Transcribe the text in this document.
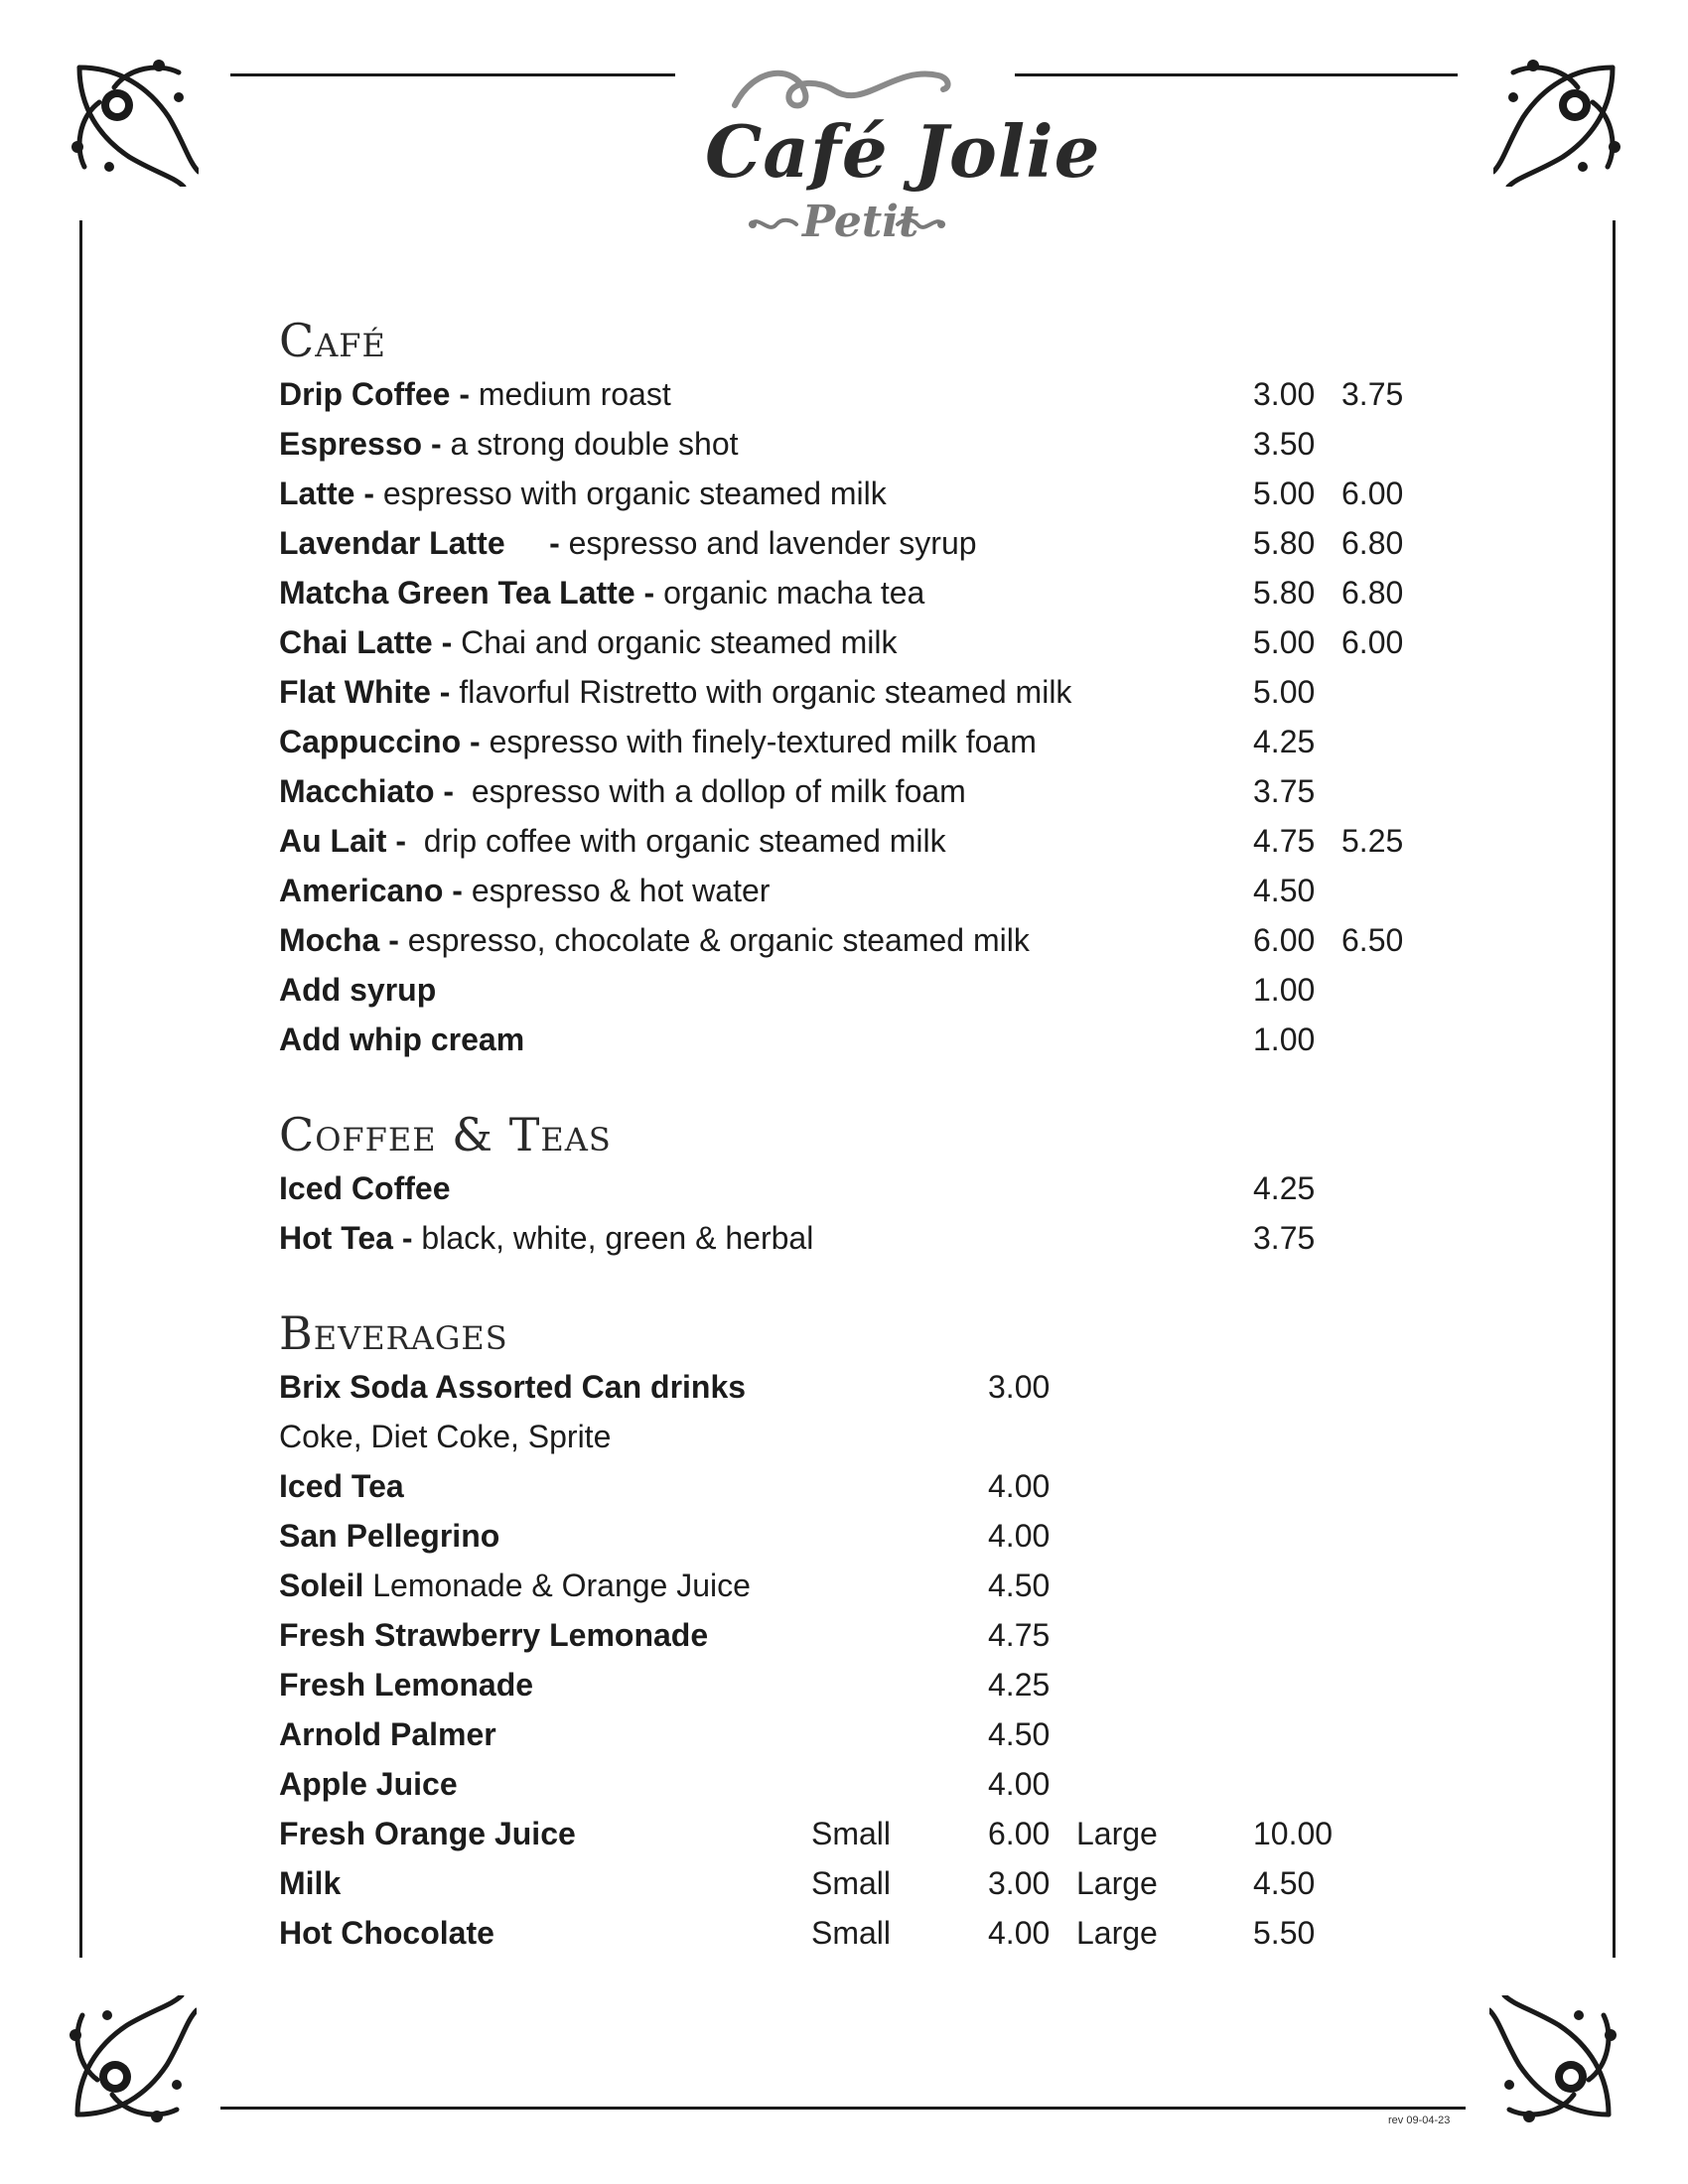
Café Jolie
Petit
Café
Drip Coffee - medium roast	3.00 3.75
Espresso - a strong double shot	3.50
Latte - espresso with organic steamed milk	5.00 6.00
Lavendar Latte     - espresso and lavender syrup	5.80 6.80
Matcha Green Tea Latte - organic macha tea	5.80 6.80
Chai Latte - Chai and organic steamed milk	5.00 6.00
Flat White - flavorful Ristretto with organic steamed milk	5.00
Cappuccino - espresso with finely-textured milk foam	4.25
Macchiato -  espresso with a dollop of milk foam	3.75
Au Lait -  drip coffee with organic steamed milk	4.75 5.25
Americano - espresso & hot water	4.50
Mocha - espresso, chocolate & organic steamed milk	6.00 6.50
Add syrup	1.00
Add whip cream	1.00
Coffee & Teas
Iced Coffee	4.25
Hot Tea - black, white, green & herbal	3.75
Beverages
Brix Soda Assorted Can drinks	3.00
Coke, Diet Coke, Sprite
Iced Tea	4.00
San Pellegrino	4.00
Soleil Lemonade & Orange Juice	4.50
Fresh Strawberry Lemonade	4.75
Fresh Lemonade	4.25
Arnold Palmer	4.50
Apple Juice	4.00
Fresh Orange Juice	Small	6.00 Large	10.00
Milk	Small	3.00 Large	4.50
Hot Chocolate	Small	4.00 Large	5.50
rev 09-04-23
